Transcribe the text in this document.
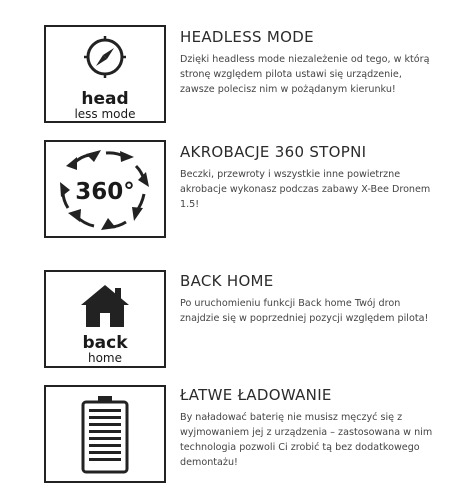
head
less mode
HEADLESS MODE
Dzięki headless mode niezależenie od tego, w którą stronę względem pilota ustawi się urządzenie, zawsze polecisz nim w pożądanym kierunku!
360°
AKROBACJE 360 STOPNI
Beczki, przewroty i wszystkie inne powietrzne akrobacje wykonasz podczas zabawy X-Bee Dronem 1.5!
back
home
BACK HOME
Po uruchomieniu funkcji Back home Twój dron znajdzie się w poprzedniej pozycji względem pilota!
ŁATWE ŁADOWANIE
By naładować baterię nie musisz męczyć się z wyjmowaniem jej z urządzenia – zastosowana w nim technologia pozwoli Ci zrobić tą bez dodatkowego demontażu!
